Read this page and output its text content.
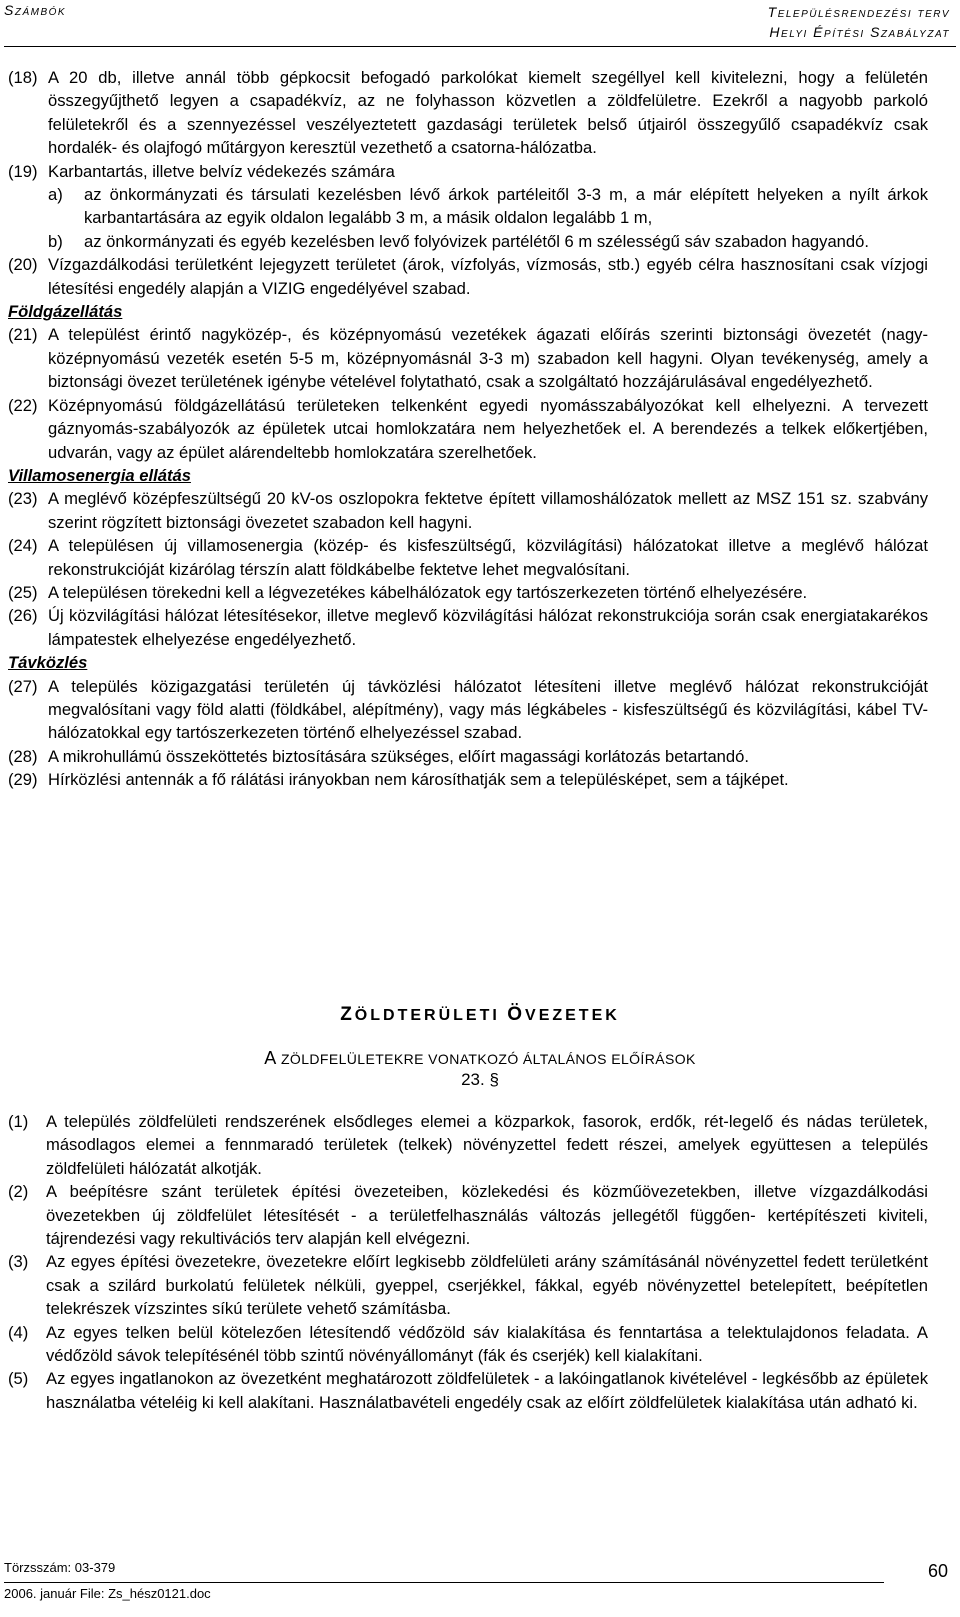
Számbók	Településrendezési terv
Helyi Építési Szabályzat
(18) A 20 db, illetve annál több gépkocsit befogadó parkolókat kiemelt szegéllyel kell kivitelezni, hogy a felületén összegyűjthető legyen a csapadékvíz, az ne folyhasson közvetlen a zöldfelületre. Ezekről a nagyobb parkoló felületekről és a szennyezéssel veszélyeztetett gazdasági területek belső útjairól összegyűlő csapadékvíz csak hordalék- és olajfogó műtárgyon keresztül vezethető a csatorna-hálózatba.
(19) Karbantartás, illetve belvíz védekezés számára
a) az önkormányzati és társulati kezelésben lévő árkok partéleitől 3-3 m, a már elépített helyeken a nyílt árkok karbantartására az egyik oldalon legalább 3 m, a másik oldalon legalább 1 m,
b) az önkormányzati és egyéb kezelésben levő folyóvizek partélétől 6 m szélességű sáv szabadon hagyandó.
(20) Vízgazdálkodási területként lejegyzett területet (árok, vízfolyás, vízmosás, stb.) egyéb célra hasznosítani csak vízjogi létesítési engedély alapján a VIZIG engedélyével szabad.
Földgázellátás
(21) A települést érintő nagyközép-, és középnyomású vezetékek ágazati előírás szerinti biztonsági övezetét (nagy-középnyomású vezeték esetén 5-5 m, középnyomásnál 3-3 m) szabadon kell hagyni. Olyan tevékenység, amely a biztonsági övezet területének igénybe vételével folytatható, csak a szolgáltató hozzájárulásával engedélyezhető.
(22) Középnyomású földgázellátású területeken telkenként egyedi nyomásszabályozókat kell elhelyezni. A tervezett gáznyomás-szabályozók az épületek utcai homlokzatára nem helyezhetőek el. A berendezés a telkek előkertjében, udvarán, vagy az épület alárendeltebb homlokzatára szerelhetőek.
Villamosenergia ellátás
(23) A meglévő középfeszültségű 20 kV-os oszlopokra fektetve épített villamoshálózatok mellett az MSZ 151 sz. szabvány szerint rögzített biztonsági övezetet szabadon kell hagyni.
(24) A településen új villamosenergia (közép- és kisfeszültségű, közvilágítási) hálózatokat illetve a meglévő hálózat rekonstrukcióját kizárólag térszín alatt földkábelbe fektetve lehet megvalósítani.
(25) A településen törekedni kell a légvezetékes kábelhálózatok egy tartószerkezeten történő elhelyezésére.
(26) Új közvilágítási hálózat létesítésekor, illetve meglevő közvilágítási hálózat rekonstrukciója során csak energiatakarékos lámpatestek elhelyezése engedélyezhető.
Távközlés
(27) A település közigazgatási területén új távközlési hálózatot létesíteni illetve meglévő hálózat rekonstrukcióját megvalósítani vagy föld alatti (földkábel, alépítmény), vagy más légkábeles - kisfeszültségű és közvilágítási, kábel TV-hálózatokkal egy tartószerkezeten történő elhelyezéssel szabad.
(28) A mikrohullámú összeköttetés biztosítására szükséges, előírt magassági korlátozás betartandó.
(29) Hírközlési antennák a fő rálátási irányokban nem károsíthatják sem a településképet, sem a tájképet.
ZÖLDTERÜLETI ÖVEZETEK
A ZÖLDFELÜLETEKRE VONATKOZÓ ÁLTALÁNOS ELŐÍRÁSOK
23. §
(1) A település zöldfelületi rendszerének elsődleges elemei a közparkok, fasorok, erdők, rét-legelő és nádas területek, másodlagos elemei a fennmaradó területek (telkek) növényzettel fedett részei, amelyek együttesen a település zöldfelületi hálózatát alkotják.
(2) A beépítésre szánt területek építési övezeteiben, közlekedési és közműövezetekben, illetve vízgazdálkodási övezetekben új zöldfelület létesítését - a területfelhasználás változás jellegétől függően- kertépítészeti kiviteli, tájrendezési vagy rekultivációs terv alapján kell elvégezni.
(3) Az egyes építési övezetekre, övezetekre előírt legkisebb zöldfelületi arány számításánál növényzettel fedett területként csak a szilárd burkolatú felületek nélküli, gyeppel, cserjékkel, fákkal, egyéb növényzettel betelepített, beépítetlen telekrészek vízszintes síkú területe vehető számításba.
(4) Az egyes telken belül kötelezően létesítendő védőzöld sáv kialakítása és fenntartása a telektulajdonos feladata. A védőzöld sávok telepítésénél több szintű növényállományt (fák és cserjék) kell kialakítani.
(5) Az egyes ingatlanokon az övezetként meghatározott zöldfelületek - a lakóingatlanok kivételével - legkésőbb az épületek használatba vételéig ki kell alakítani. Használatbavételi engedély csak az előírt zöldfelületek kialakítása után adható ki.
Törzsszám: 03-379
2006. január File: Zs_hész0121.doc
60
